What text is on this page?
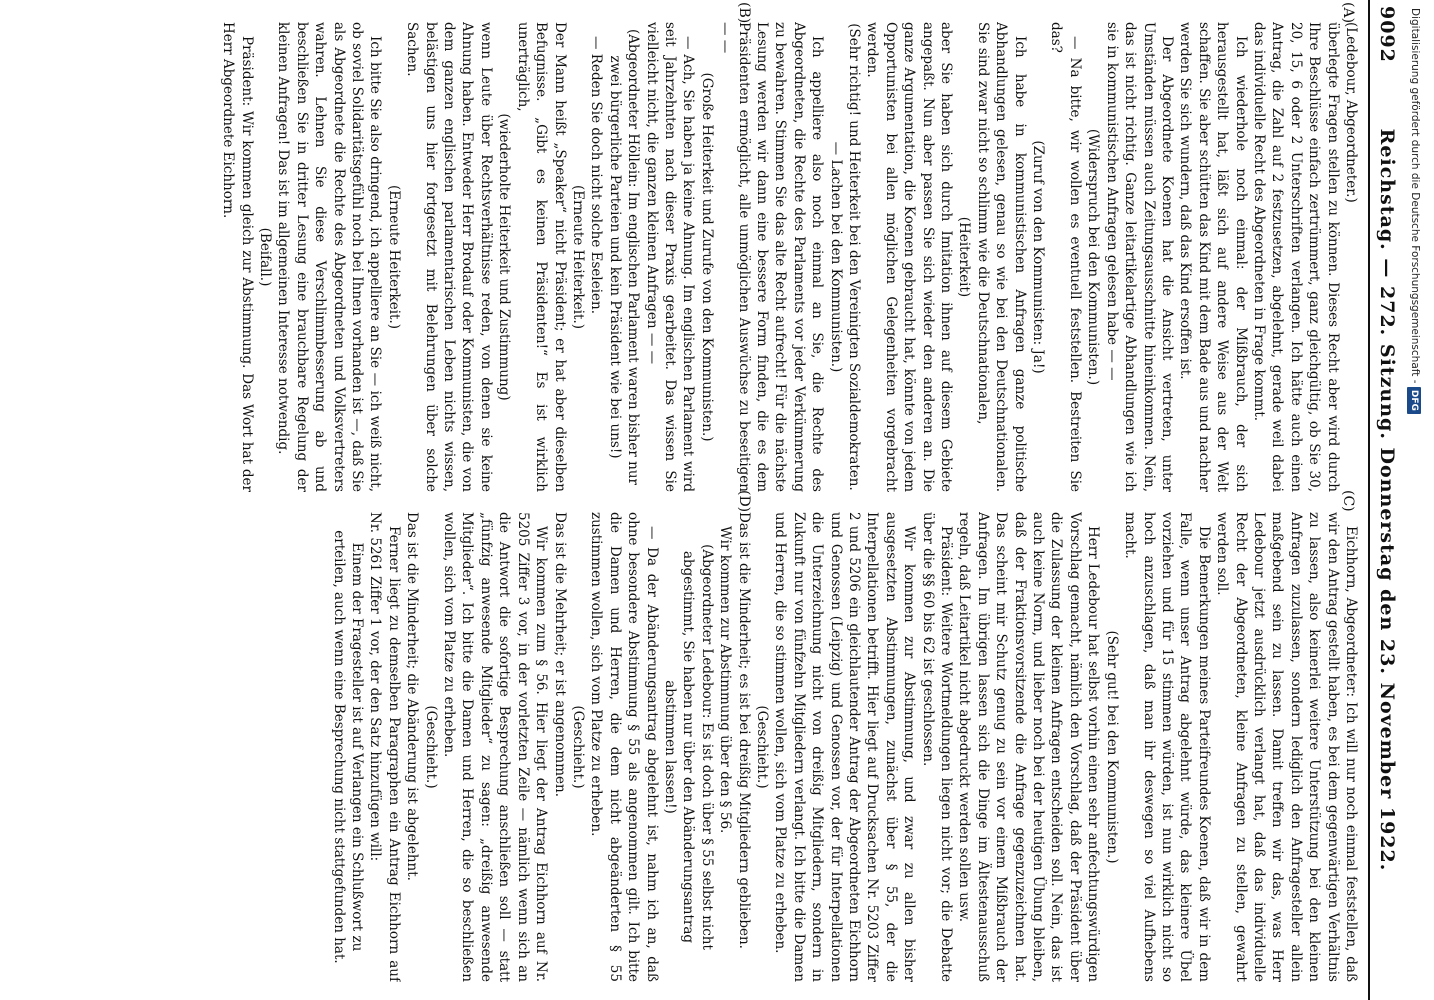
9092
Reichstag. — 272. Sitzung. Donnerstag den 23. November 1922.
(A)
(B)
(C)
(D)

(Ledebour, Abgeordneter.)

überlegte Fragen stellen zu können. Dieses Recht aber wird durch Ihre Beschlüsse einfach zertrümmert, ganz gleichgültig, ob Sie 30, 20, 15, 6 oder 2 Unterschriften verlangen. Ich hätte auch einen Antrag, die Zahl auf 2 festzusetzen, abgelehnt, gerade weil dabei das individuelle Recht des Abgeordneten in Frage kommt.

Ich wiederhole noch einmal: der Mißbrauch, der sich herausgestellt hat, läßt sich auf andere Weise aus der Welt schaffen. Sie aber schütten das Kind mit dem Bade aus und nachher werden Sie sich wundern, daß das Kind ersoffen ist.

Der Abgeordnete Koenen hat die Ansicht vertreten, unter Umständen müssen auch Zeitungsausschnitte hineinkommen. Nein, das ist nicht richtig. Ganze leitartikelartige Abhandlungen wie ich sie in kommunistischen Anfragen gelesen habe — —

(Widerspruch bei den Kommunisten.)

— Na bitte, wir wollen es eventuell feststellen. Bestreiten Sie das?

(Zuruf von den Kommunisten: Ja!)

Ich habe in kommunistischen Anfragen ganze politische Abhandlungen gelesen, genau so wie bei den Deutschnationalen. Sie sind zwar nicht so schlimm wie die Deutschnationalen,

(Heiterkeit)

aber Sie haben sich durch Imitation ihnen auf diesem Gebiete angepaßt. Nun aber passen Sie sich wieder den anderen an. Die ganze Argumentation, die Koenen gebraucht hat, könnte von jedem Opportunisten bei allen möglichen Gelegenheiten vorgebracht werden.

(Sehr richtig! und Heiterkeit bei den Vereinigten Sozialdemokraten. — Lachen bei den Kommunisten.)

Ich appelliere also noch einmal an Sie, die Rechte des Abgeordneten, die Rechte des Parlaments vor jeder Verkümmerung zu bewahren. Stimmen Sie das alte Recht aufrecht! Für die nächste Lesung werden wir dann eine bessere Form finden, die es dem Präsidenten ermöglicht, alle unmöglichen Auswüchse zu beseitigen — —

(Große Heiterkeit und Zurufe von den Kommunisten.)

— Ach, Sie haben ja keine Ahnung. Im englischen Parlament wird seit Jahrzehnten nach dieser Praxis gearbeitet. Das wissen Sie vielleicht nicht, die ganzen kleinen Anfragen — —

(Abgeordneter Höllein: Im englischen Parlament waren bisher nur zwei bürgerliche Parteien und kein Präsident wie bei uns!)

— Reden Sie doch nicht solche Eseleien.

(Erneute Heiterkeit.)

Der Mann heißt „Speaker“ nicht Präsident; er hat aber dieselben Befugnisse. „Gibt es keinen Präsidenten!“ Es ist wirklich unerträglich,

(wiederholte Heiterkeit und Zustimmung)

wenn Leute über Rechtsverhältnisse reden, von denen sie keine Ahnung haben. Entweder Herr Brodauf oder Kommunisten, die von dem ganzen englischen parlamentarischen Leben nichts wissen, belästigen uns hier fortgesetzt mit Belehrungen über solche Sachen.

(Erneute Heiterkeit.)

Ich bitte Sie also dringend, ich appelliere an Sie — ich weiß nicht, ob soviel Solidaritätsgefühl noch bei Ihnen vorhanden ist —, daß Sie als Abgeordnete die Rechte des Abgeordneten und Volksvertreters wahren. Lehnen Sie diese Verschlimmbesserung ab und beschließen Sie in dritter Lesung eine brauchbare Regelung der kleinen Anfragen! Das ist im allgemeinen Interesse notwendig.

(Beifall.)

Präsident: Wir kommen gleich zur Abstimmung. Das Wort hat der Herr Abgeordnete Eichhorn.

Eichhorn, Abgeordneter: Ich will nur noch einmal feststellen, daß wir den Antrag gestellt haben, es bei dem gegenwärtigen Verhältnis zu lassen, also keinerlei weitere Unterstützung bei den kleinen Anfragen zuzulassen, sondern lediglich den Anfragesteller allein maßgebend sein zu lassen. Damit treffen wir das, was Herr Ledebour jetzt ausdrücklich verlangt hat, daß das individuelle Recht der Abgeordneten, kleine Anfragen zu stellen, gewahrt werden soll.

Die Bemerkungen meines Parteifreundes Koenen, daß wir in dem Falle, wenn unser Antrag abgelehnt würde, das kleinere Übel vorziehen und für 15 stimmen würden, ist nun wirklich nicht so hoch anzuschlagen, daß man ihr deswegen so viel Aufhebens macht.

(Sehr gut! bei den Kommunisten.)

Herr Ledebour hat selbst vorhin einen sehr anfechtungswürdigen Vorschlag gemacht, nämlich den Vorschlag, daß der Präsident über die Zulassung der kleinen Anfragen entscheiden soll. Nein, das ist auch keine Norm, und lieber noch bei der heutigen Übung bleiben, daß der Fraktionsvorsitzende die Anfrage gegenzuzeichnen hat. Das scheint mir Schutz genug zu sein vor einem Mißbrauch der Anfragen. Im übrigen lassen sich die Dinge im Ältestenausschuß regeln, daß Leitartikel nicht abgedruckt werden sollen usw.

Präsident: Weitere Wortmeldungen liegen nicht vor; die Debatte über die §§ 60 bis 62 ist geschlossen.

Wir kommen zur Abstimmung, und zwar zu allen bisher ausgesetzten Abstimmungen, zunächst über § 55, der die Interpellationen betrifft. Hier liegt auf Drucksachen Nr. 5203 Ziffer 2 und 5206 ein gleichlautender Antrag der Abgeordneten Eichhorn und Genossen (Leipzig) und Genossen vor, der für Interpellationen die Unterzeichnung nicht von dreißig Mitgliedern, sondern in Zukunft nur von fünfzehn Mitgliedern verlangt. Ich bitte die Damen und Herren, die so stimmen wollen, sich vom Platze zu erheben.

(Geschieht.)

Das ist die Minderheit; es ist bei dreißig Mitgliedern geblieben.

Wir kommen zur Abstimmung über den § 56.

(Abgeordneter Ledebour: Es ist doch über § 55 selbst nicht abgestimmt, Sie haben nur über den Abänderungsantrag abstimmen lassen!)

— Da der Abänderungsantrag abgelehnt ist, nahm ich an, daß ohne besondere Abstimmung § 55 als angenommen gilt. Ich bitte die Damen und Herren, die dem nicht abgeänderten § 55 zustimmen wollen, sich vom Platze zu erheben.

(Geschieht.)

Das ist die Mehrheit; er ist angenommen.

Wir kommen zum § 56. Hier liegt der Antrag Eichhorn auf Nr. 5205 Ziffer 3 vor, in der vorletzten Zeile — nämlich wenn sich an die Antwort die sofortige Besprechung anschließen soll — statt „fünfzig anwesende Mitglieder“ zu sagen: „dreißig anwesende Mitglieder“. Ich bitte die Damen und Herren, die so beschließen wollen, sich vom Platze zu erheben.

(Geschieht.)

Das ist die Minderheit; die Abänderung ist abgelehnt.

Ferner liegt zu demselben Paragraphen ein Antrag Eichhorn auf Nr. 5261 Ziffer 1 vor, der den Satz hinzufügen will:

Einem der Fragesteller ist auf Verlangen ein Schlußwort zu erteilen, auch wenn eine Besprechung nicht stattgefunden hat.

Digitalisierung gefördert durch die Deutsche Forschungsgemeinschaft - DFG
